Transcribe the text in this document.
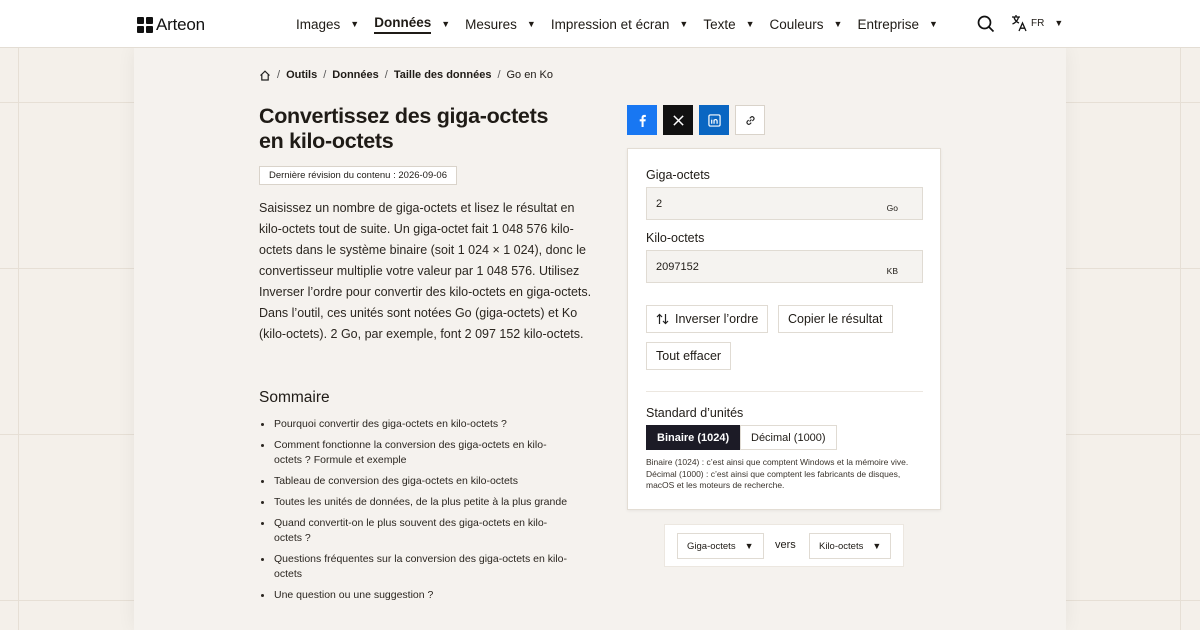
Arteon	Images ▼ Données ▼ Mesures ▼ Impression et écran ▼ Texte ▼ Couleurs ▼ Entreprise ▼	FR ▼
/ Outils / Données / Taille des données / Go en Ko
Convertissez des giga-octets en kilo-octets
Dernière révision du contenu : 2026-09-06

Saisissez un nombre de giga-octets et lisez le résultat en kilo-octets tout de suite. Un giga-octet fait 1 048 576 kilo-octets dans le système binaire (soit 1 024 × 1 024), donc le convertisseur multiplie votre valeur par 1 048 576. Utilisez Inverser l’ordre pour convertir des kilo-octets en giga-octets. Dans l’outil, ces unités sont notées Go (giga-octets) et Ko (kilo-octets). 2 Go, par exemple, font 2 097 152 kilo-octets.

Sommaire
Pourquoi convertir des giga-octets en kilo-octets ?
Comment fonctionne la conversion des giga-octets en kilo-octets ? Formule et exemple
Tableau de conversion des giga-octets en kilo-octets
Toutes les unités de données, de la plus petite à la plus grande
Quand convertit-on le plus souvent des giga-octets en kilo-octets ?
Questions fréquentes sur la conversion des giga-octets en kilo-octets
Une question ou une suggestion ?
Giga-octets
2
Go
Kilo-octets
2097152
KB
Inverser l’ordre Copier le résultat
Tout effacer
Standard d’unités
Binaire (1024)	Décimal (1000)
Binaire (1024) : c’est ainsi que comptent Windows et la mémoire vive. Décimal (1000) : c’est ainsi que comptent les fabricants de disques, macOS et les moteurs de recherche.
Giga-octets ▼ vers Kilo-octets ▼
